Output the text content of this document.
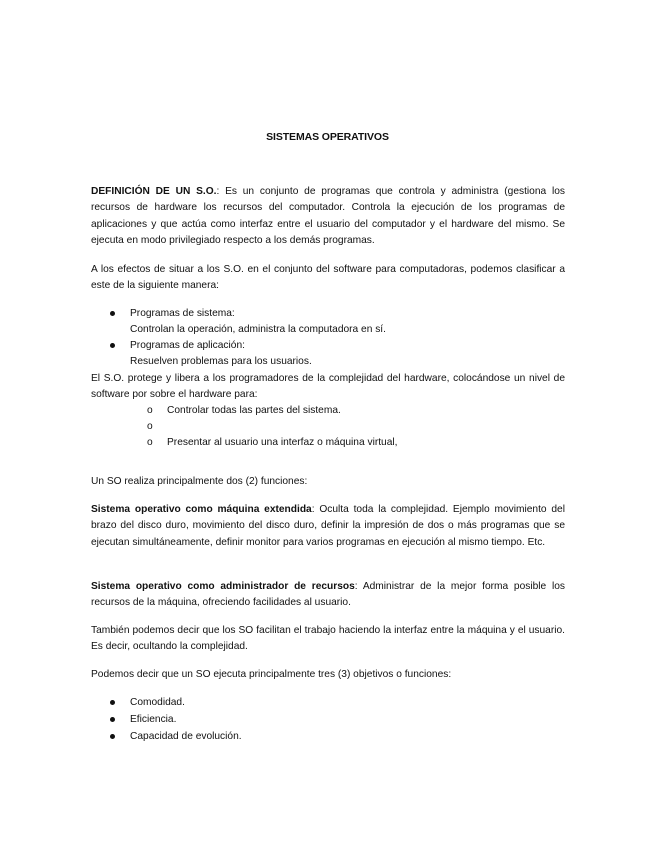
SISTEMAS OPERATIVOS

DEFINICIÓN DE UN S.O.: Es un conjunto de programas que controla y administra (gestiona los recursos de hardware los recursos del computador. Controla la ejecución de los programas de aplicaciones y que actúa como interfaz entre el usuario del computador y el hardware del mismo. Se ejecuta en modo privilegiado respecto a los demás programas.

A los efectos de situar a los S.O. en el conjunto del software para computadoras, podemos clasificar a este de la siguiente manera:

Programas de sistema:
Controlan la operación, administra la computadora en sí.
Programas de aplicación:
Resuelven problemas para los usuarios.

El S.O. protege y libera a los programadores de la complejidad del hardware, colocándose un nivel de software por sobre el hardware para:

o Controlar todas las partes del sistema.
o
o Presentar al usuario una interfaz o máquina virtual,

Un SO realiza principalmente dos (2) funciones:

Sistema operativo como máquina extendida: Oculta toda la complejidad. Ejemplo movimiento del brazo del disco duro, movimiento del disco duro, definir la impresión de dos o más programas que se ejecutan simultáneamente, definir monitor para varios programas en ejecución al mismo tiempo. Etc.

Sistema operativo como administrador de recursos: Administrar de la mejor forma posible los recursos de la máquina, ofreciendo facilidades al usuario.

También podemos decir que los SO facilitan el trabajo haciendo la interfaz entre la máquina y el usuario. Es decir, ocultando la complejidad.

Podemos decir que un SO ejecuta principalmente tres (3) objetivos o funciones:

Comodidad.
Eficiencia.
Capacidad de evolución.
